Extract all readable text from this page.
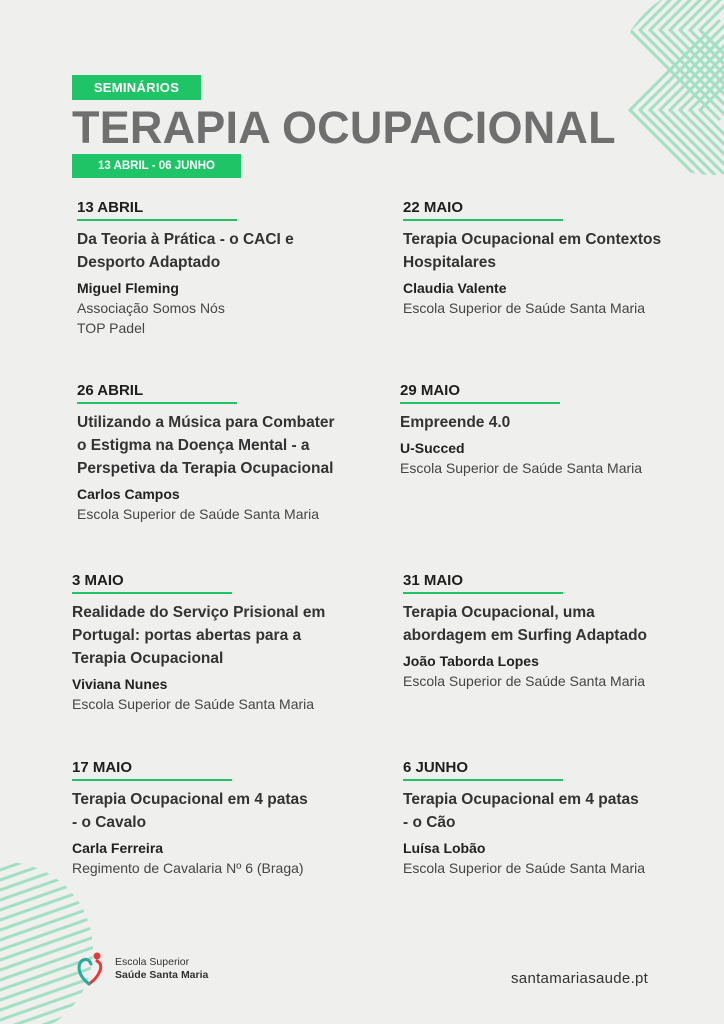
SEMINÁRIOS
TERAPIA OCUPACIONAL
13 ABRIL - 06 JUNHO
13 ABRIL
Da Teoria à Prática - o CACI e
Desporto Adaptado
Miguel Fleming
Associação Somos Nós
TOP Padel
22 MAIO
Terapia Ocupacional em Contextos
Hospitalares
Claudia Valente
Escola Superior de Saúde Santa Maria
26 ABRIL
Utilizando a Música para Combater
o Estigma na Doença Mental - a
Perspetiva da Terapia Ocupacional
Carlos Campos
Escola Superior de Saúde Santa Maria
29 MAIO
Empreende 4.0
U-Succed
Escola Superior de Saúde Santa Maria
3 MAIO
Realidade do Serviço Prisional em
Portugal: portas abertas para a
Terapia Ocupacional
Viviana Nunes
Escola Superior de Saúde Santa Maria
31 MAIO
Terapia Ocupacional, uma
abordagem em Surfing Adaptado
João Taborda Lopes
Escola Superior de Saúde Santa Maria
17 MAIO
Terapia Ocupacional em 4 patas
- o Cavalo
Carla Ferreira
Regimento de Cavalaria Nº 6 (Braga)
6 JUNHO
Terapia Ocupacional em 4 patas
- o Cão
Luísa Lobão
Escola Superior de Saúde Santa Maria
Escola Superior
Saúde Santa Maria	santamariasaude.pt
